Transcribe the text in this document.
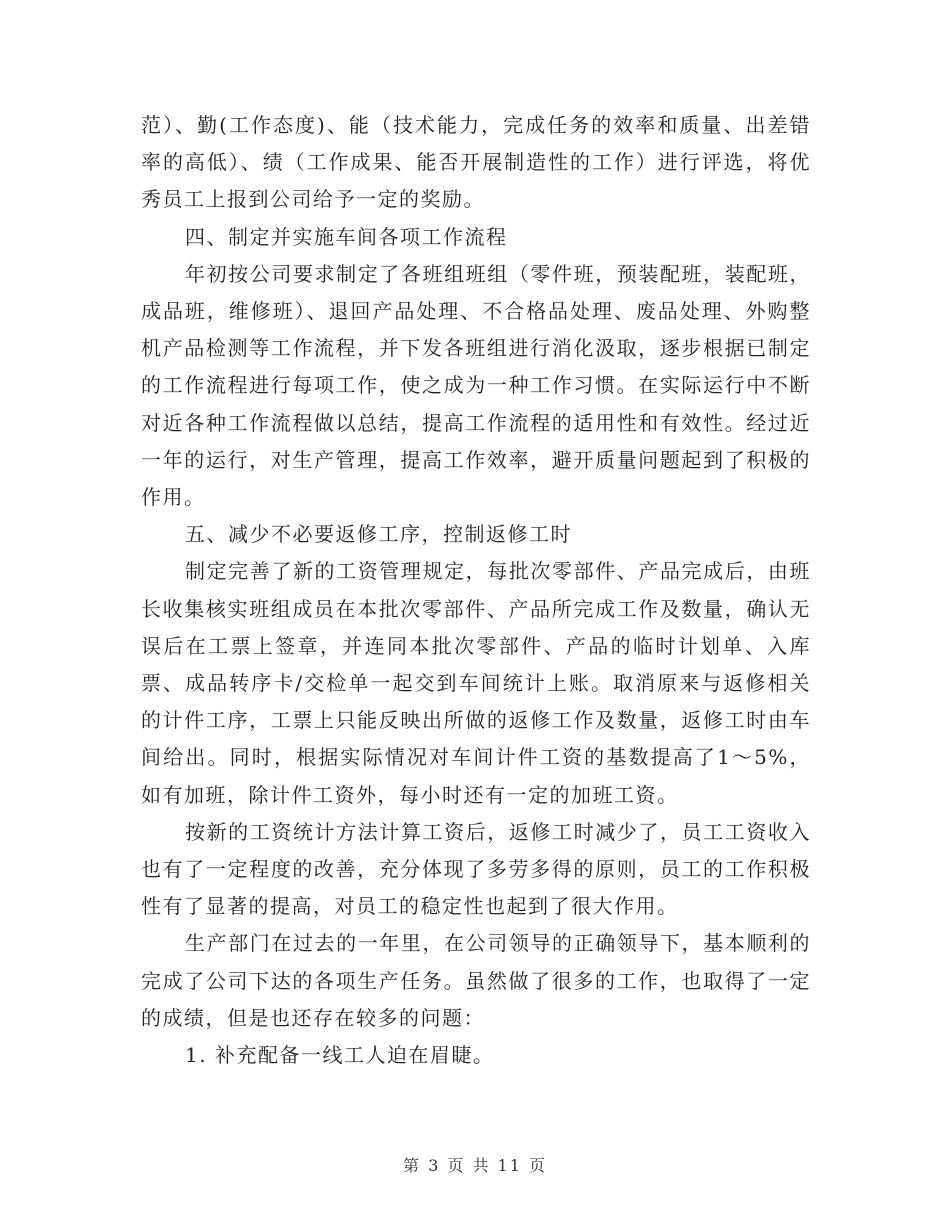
范）、勤(工作态度)、能（技术能力，完成任务的效率和质量、出差错率的高低）、绩（工作成果、能否开展制造性的工作）进行评选，将优秀员工上报到公司给予一定的奖励。

四、制定并实施车间各项工作流程

年初按公司要求制定了各班组班组（零件班，预装配班，装配班，成品班，维修班）、退回产品处理、不合格品处理、废品处理、外购整机产品检测等工作流程，并下发各班组进行消化汲取，逐步根据已制定的工作流程进行每项工作，使之成为一种工作习惯。在实际运行中不断对近各种工作流程做以总结，提高工作流程的适用性和有效性。经过近一年的运行，对生产管理，提高工作效率，避开质量问题起到了积极的作用。

五、减少不必要返修工序，控制返修工时

制定完善了新的工资管理规定，每批次零部件、产品完成后，由班长收集核实班组成员在本批次零部件、产品所完成工作及数量，确认无误后在工票上签章，并连同本批次零部件、产品的临时计划单、入库票、成品转序卡/交检单一起交到车间统计上账。取消原来与返修相关的计件工序，工票上只能反映出所做的返修工作及数量，返修工时由车间给出。同时，根据实际情况对车间计件工资的基数提高了1～5%，如有加班，除计件工资外，每小时还有一定的加班工资。

按新的工资统计方法计算工资后，返修工时减少了，员工工资收入也有了一定程度的改善，充分体现了多劳多得的原则，员工的工作积极性有了显著的提高，对员工的稳定性也起到了很大作用。

生产部门在过去的一年里，在公司领导的正确领导下，基本顺利的完成了公司下达的各项生产任务。虽然做了很多的工作，也取得了一定的成绩，但是也还存在较多的问题：

1. 补充配备一线工人迫在眉睫。

第 3 页 共 11 页
